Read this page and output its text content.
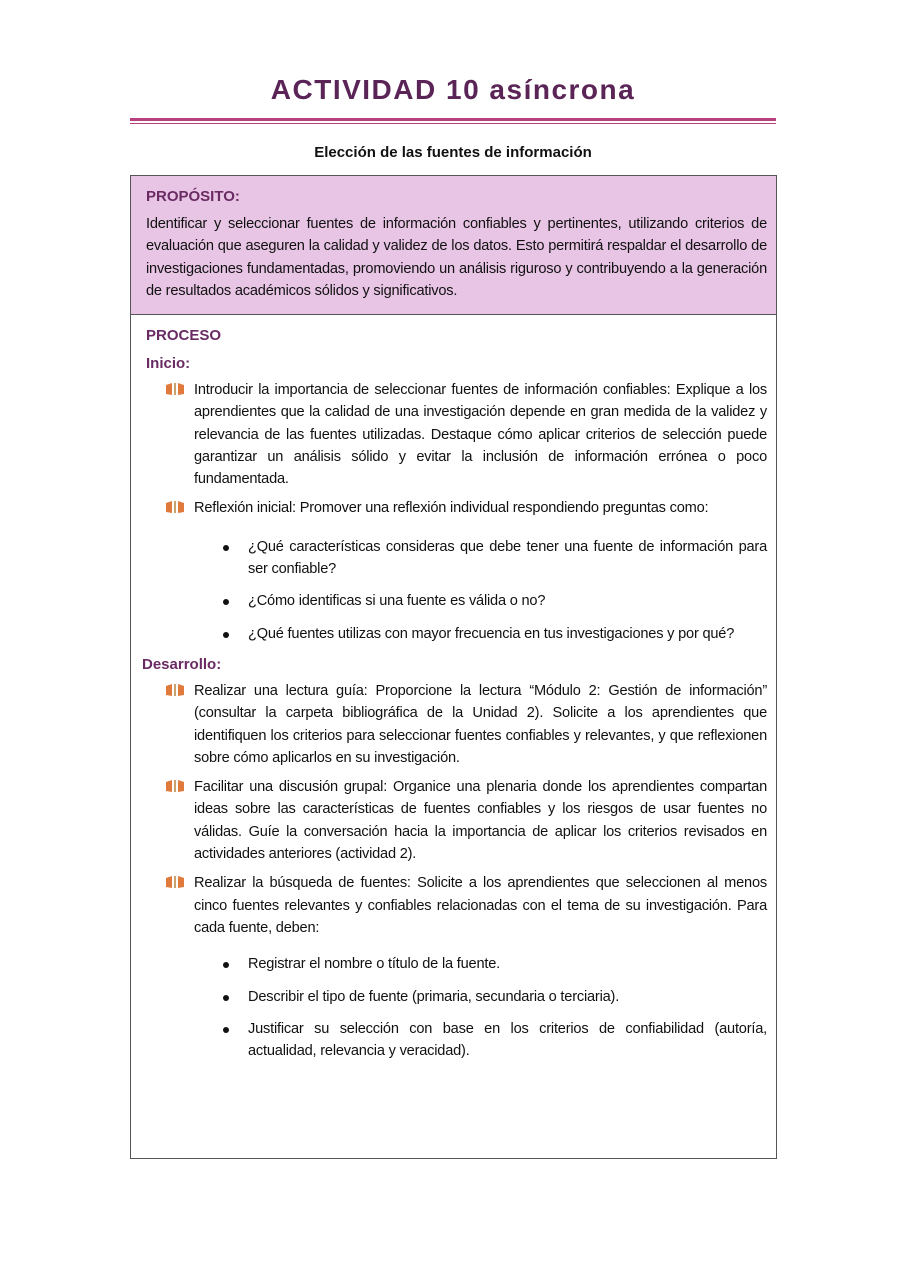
ACTIVIDAD 10 asíncrona
Elección de las fuentes de información
PROPÓSITO:

Identificar y seleccionar fuentes de información confiables y pertinentes, utilizando criterios de evaluación que aseguren la calidad y validez de los datos. Esto permitirá respaldar el desarrollo de investigaciones fundamentadas, promoviendo un análisis riguroso y contribuyendo a la generación de resultados académicos sólidos y significativos.

PROCESO
Inicio:

Introducir la importancia de seleccionar fuentes de información confiables: Explique a los aprendientes que la calidad de una investigación depende en gran medida de la validez y relevancia de las fuentes utilizadas. Destaque cómo aplicar criterios de selección puede garantizar un análisis sólido y evitar la inclusión de información errónea o poco fundamentada.

Reflexión inicial: Promover una reflexión individual respondiendo preguntas como:

¿Qué características consideras que debe tener una fuente de información para ser confiable?

¿Cómo identificas si una fuente es válida o no?

¿Qué fuentes utilizas con mayor frecuencia en tus investigaciones y por qué?

Desarrollo:

Realizar una lectura guía: Proporcione la lectura “Módulo 2: Gestión de información” (consultar la carpeta bibliográfica de la Unidad 2). Solicite a los aprendientes que identifiquen los criterios para seleccionar fuentes confiables y relevantes, y que reflexionen sobre cómo aplicarlos en su investigación.

Facilitar una discusión grupal: Organice una plenaria donde los aprendientes compartan ideas sobre las características de fuentes confiables y los riesgos de usar fuentes no válidas. Guíe la conversación hacia la importancia de aplicar los criterios revisados en actividades anteriores (actividad 2).

Realizar la búsqueda de fuentes: Solicite a los aprendientes que seleccionen al menos cinco fuentes relevantes y confiables relacionadas con el tema de su investigación. Para cada fuente, deben:

Registrar el nombre o título de la fuente.

Describir el tipo de fuente (primaria, secundaria o terciaria).

Justificar su selección con base en los criterios de confiabilidad (autoría, actualidad, relevancia y veracidad).
